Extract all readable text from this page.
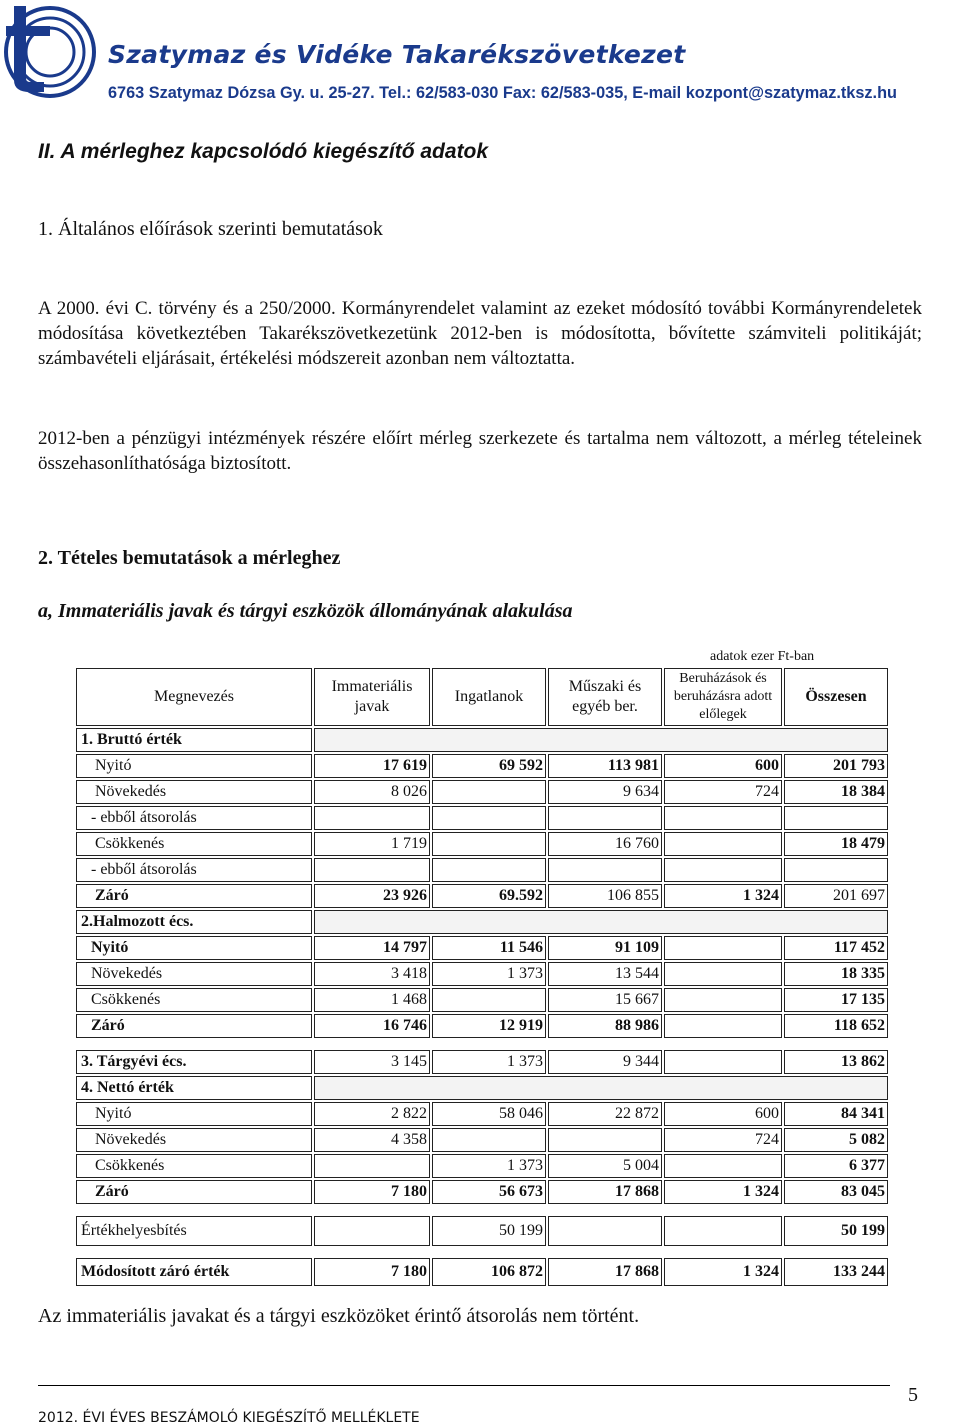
Szatymaz és Vidéke Takarékszövetkezet
6763 Szatymaz Dózsa Gy. u. 25-27. Tel.: 62/583-030 Fax: 62/583-035, E-mail kozpont@szatymaz.tksz.hu
II. A mérleghez kapcsolódó kiegészítő adatok
1. Általános előírások szerinti bemutatások
A 2000. évi C. törvény és a 250/2000. Kormányrendelet valamint az ezeket módosító további Kormányrendeletek módosítása következtében Takarékszövetkezetünk 2012-ben is módosította, bővítette számviteli politikáját; számbavételi eljárásait, értékelési módszereit azonban nem változtatta.
2012-ben a pénzügyi intézmények részére előírt mérleg szerkezete és tartalma nem változott, a mérleg tételeinek összehasonlíthatósága biztosított.
2. Tételes bemutatások a mérleghez
a, Immateriális javak és tárgyi eszközök állományának alakulása
adatok ezer Ft-ban
Megnevezés	Immateriális javak	Ingatlanok	Műszaki és egyéb ber.	Beruházások és beruházásra adott előlegek	Összesen
1. Bruttó érték					
Nyitó	17 619	69 592	113 981	600	201 793
Növekedés	8 026		9 634	724	18 384
- ebből átsorolás					
Csökkenés	1 719		16 760		18 479
- ebből átsorolás					
Záró	23 926	69.592	106 855	1 324	201 697
2.Halmozott écs.					
Nyitó	14 797	11 546	91 109		117 452
Növekedés	3 418	1 373	13 544		18 335
Csökkenés	1 468		15 667		17 135
Záró	16 746	12 919	88 986		118 652

3. Tárgyévi écs.	3 145	1 373	9 344		13 862
4. Nettó érték					
Nyitó	2 822	58 046	22 872	600	84 341
Növekedés	4 358			724	5 082
Csökkenés		1 373	5 004		6 377
Záró	7 180	56 673	17 868	1 324	83 045

Értékhelyesbítés		50 199			50 199

Módosított záró érték	7 180	106 872	17 868	1 324	133 244
Az immateriális javakat és a tárgyi eszközöket érintő átsorolás nem történt.
2012. ÉVI ÉVES BESZÁMOLÓ KIEGÉSZÍTŐ MELLÉKLETE
5
